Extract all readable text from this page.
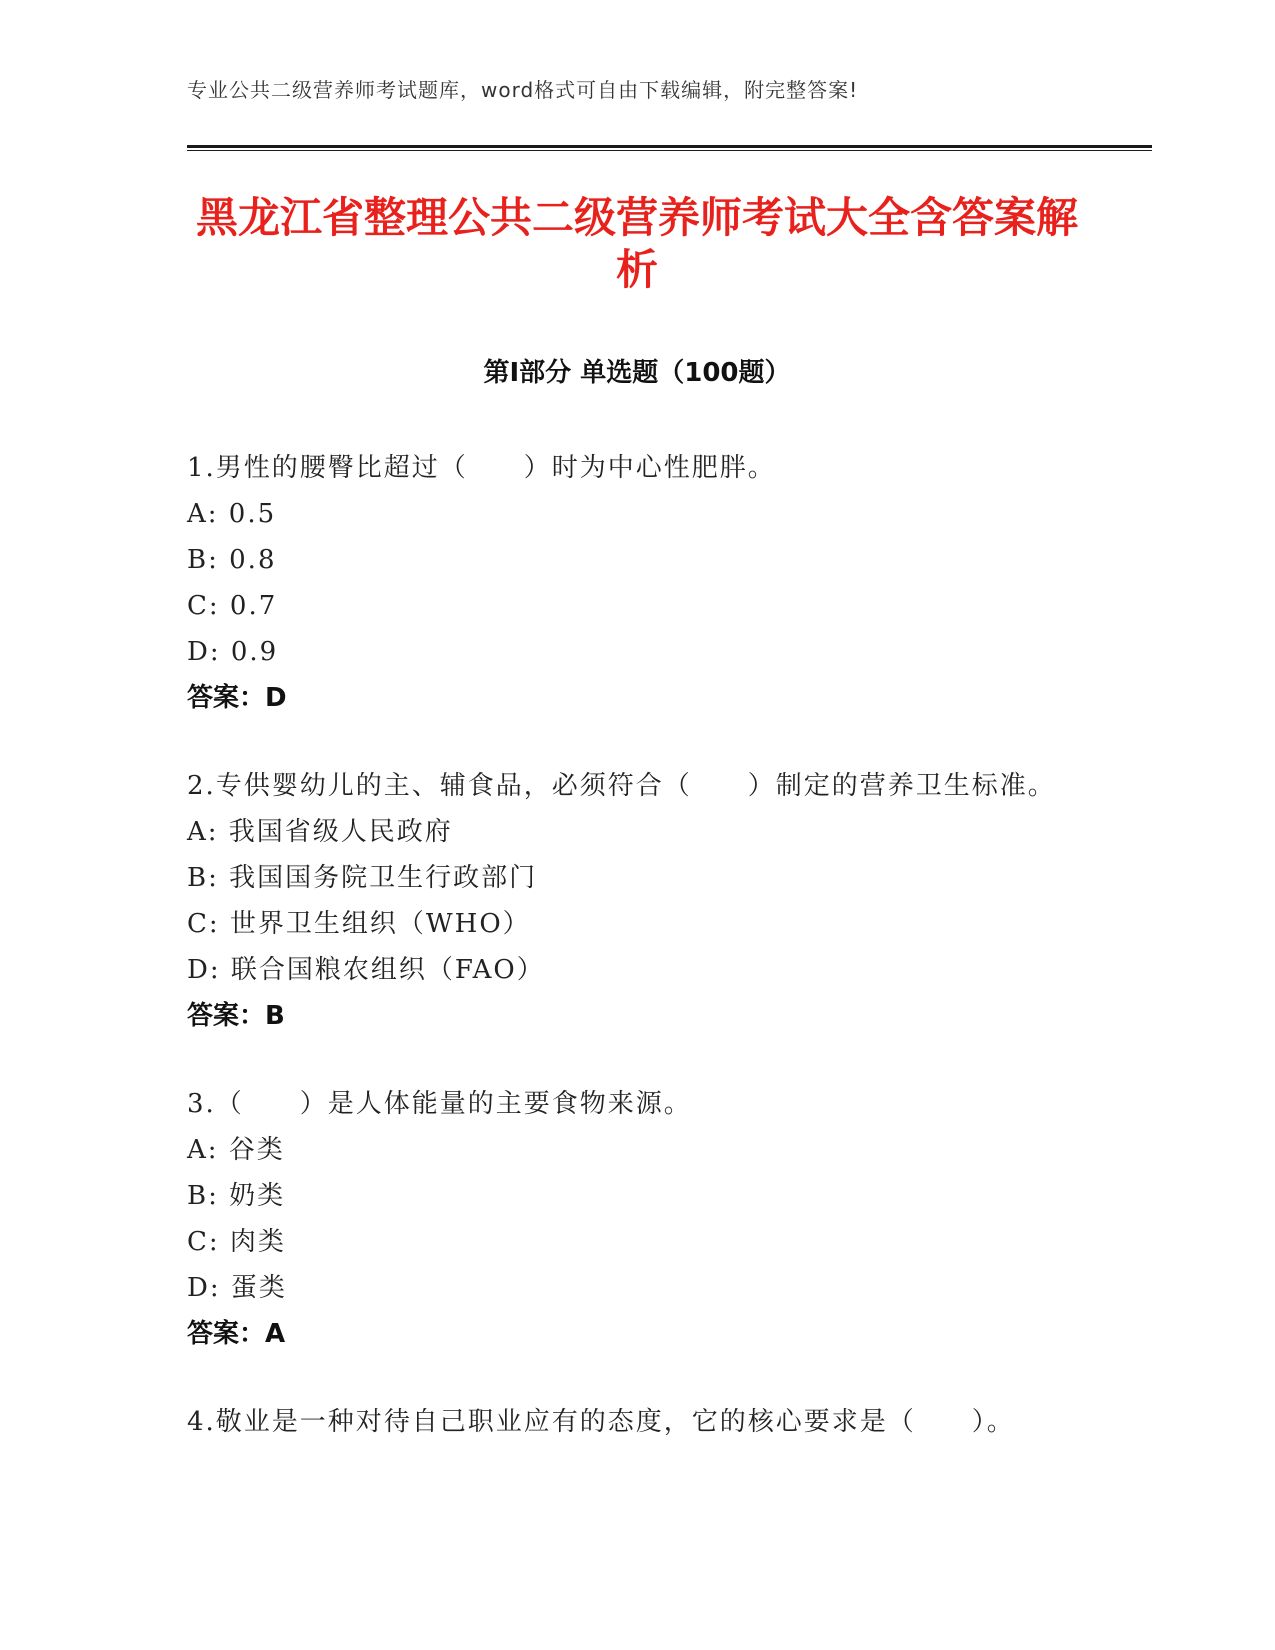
专业公共二级营养师考试题库，word格式可自由下载编辑，附完整答案!
黑龙江省整理公共二级营养师考试大全含答案解析
第I部分 单选题（100题）
1.男性的腰臀比超过（　　）时为中心性肥胖。
A: 0.5
B: 0.8
C: 0.7
D: 0.9
答案：D
2.专供婴幼儿的主、辅食品，必须符合（　　）制定的营养卫生标准。
A: 我国省级人民政府
B: 我国国务院卫生行政部门
C: 世界卫生组织（WHO）
D: 联合国粮农组织（FAO）
答案：B
3.（　　）是人体能量的主要食物来源。
A: 谷类
B: 奶类
C: 肉类
D: 蛋类
答案：A
4.敬业是一种对待自己职业应有的态度，它的核心要求是（　　）。
